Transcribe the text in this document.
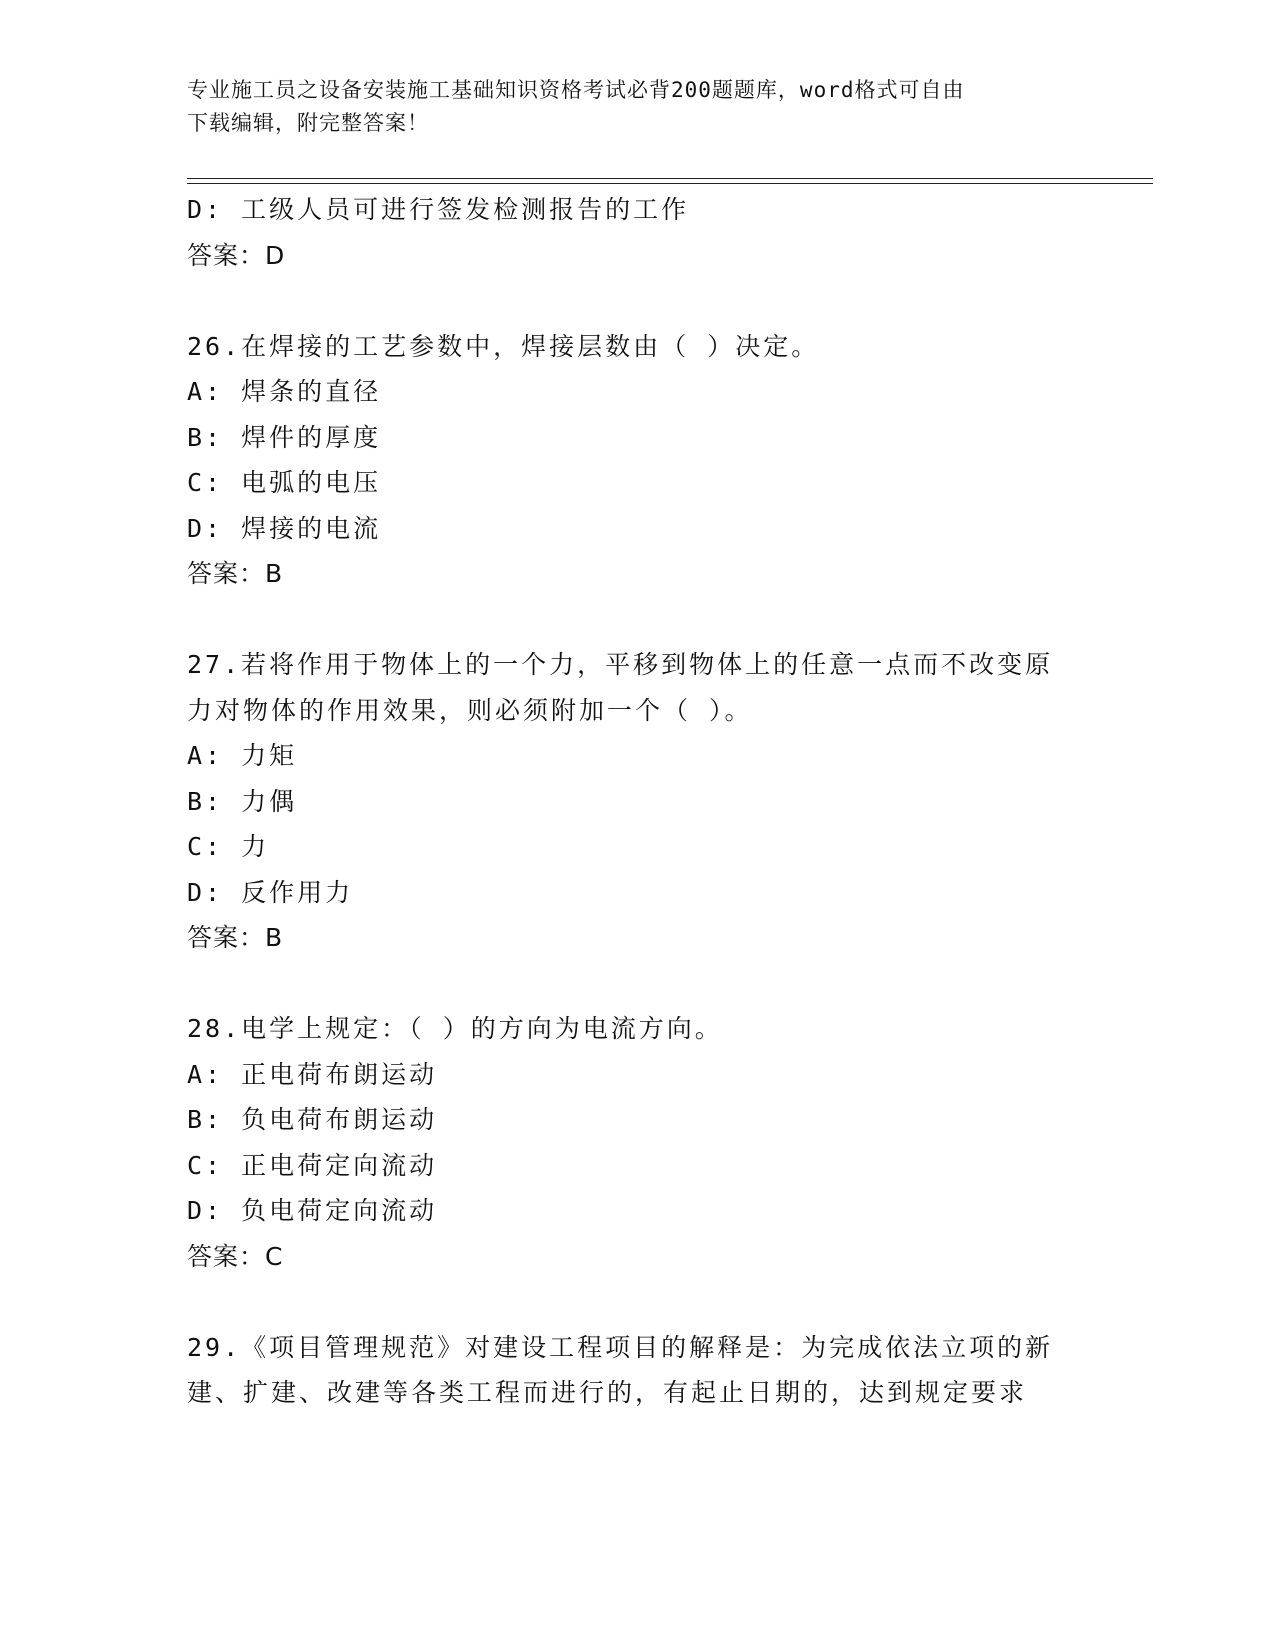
专业施工员之设备安装施工基础知识资格考试必背200题题库，word格式可自由
下载编辑，附完整答案！
D: 工级人员可进行签发检测报告的工作
答案：D
26.在焊接的工艺参数中，焊接层数由（ ）决定。
A: 焊条的直径
B: 焊件的厚度
C: 电弧的电压
D: 焊接的电流
答案：B
27.若将作用于物体上的一个力，平移到物体上的任意一点而不改变原
力对物体的作用效果，则必须附加一个（ ）。
A: 力矩
B: 力偶
C: 力
D: 反作用力
答案：B
28.电学上规定：（ ）的方向为电流方向。
A: 正电荷布朗运动
B: 负电荷布朗运动
C: 正电荷定向流动
D: 负电荷定向流动
答案：C
29.《项目管理规范》对建设工程项目的解释是：为完成依法立项的新
建、扩建、改建等各类工程而进行的，有起止日期的，达到规定要求
